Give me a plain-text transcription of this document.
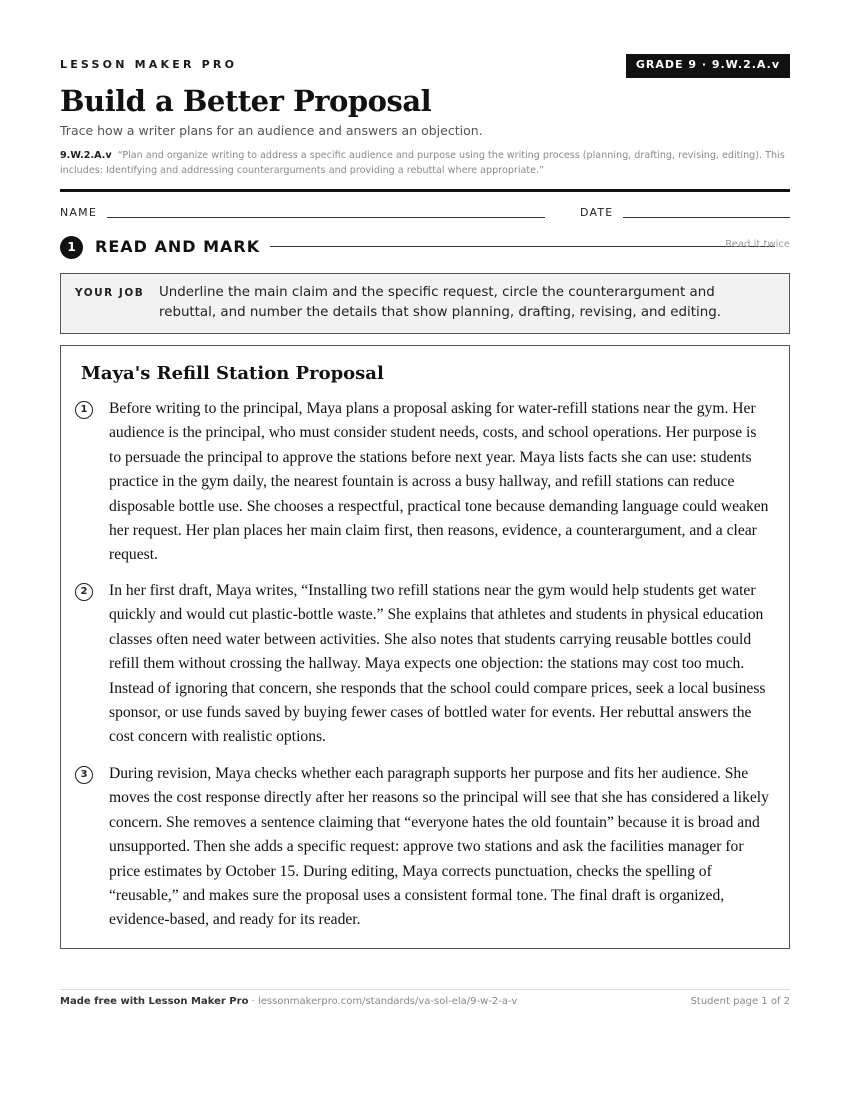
LESSON MAKER PRO	GRADE 9 · 9.W.2.A.v
Build a Better Proposal
Trace how a writer plans for an audience and answers an objection.
9.W.2.A.v “Plan and organize writing to address a specific audience and purpose using the writing process (planning, drafting, revising, editing). This includes: Identifying and addressing counterarguments and providing a rebuttal where appropriate.”
NAME	DATE
1	READ AND MARK	Read it twice
YOUR JOB Underline the main claim and the specific request, circle the counterargument and rebuttal, and number the details that show planning, drafting, revising, and editing.
Maya's Refill Station Proposal
1	Before writing to the principal, Maya plans a proposal asking for water-refill stations near the gym. Her audience is the principal, who must consider student needs, costs, and school operations. Her purpose is to persuade the principal to approve the stations before next year. Maya lists facts she can use: students practice in the gym daily, the nearest fountain is across a busy hallway, and refill stations can reduce disposable bottle use. She chooses a respectful, practical tone because demanding language could weaken her request. Her plan places her main claim first, then reasons, evidence, a counterargument, and a clear request.
2	In her first draft, Maya writes, “Installing two refill stations near the gym would help students get water quickly and would cut plastic-bottle waste.” She explains that athletes and students in physical education classes often need water between activities. She also notes that students carrying reusable bottles could refill them without crossing the hallway. Maya expects one objection: the stations may cost too much. Instead of ignoring that concern, she responds that the school could compare prices, seek a local business sponsor, or use funds saved by buying fewer cases of bottled water for events. Her rebuttal answers the cost concern with realistic options.
3	During revision, Maya checks whether each paragraph supports her purpose and fits her audience. She moves the cost response directly after her reasons so the principal will see that she has considered a likely concern. She removes a sentence claiming that “everyone hates the old fountain” because it is broad and unsupported. Then she adds a specific request: approve two stations and ask the facilities manager for price estimates by October 15. During editing, Maya corrects punctuation, checks the spelling of “reusable,” and makes sure the proposal uses a consistent formal tone. The final draft is organized, evidence-based, and ready for its reader.
Made free with Lesson Maker Pro · lessonmakerpro.com/standards/va-sol-ela/9-w-2-a-v	Student page 1 of 2
